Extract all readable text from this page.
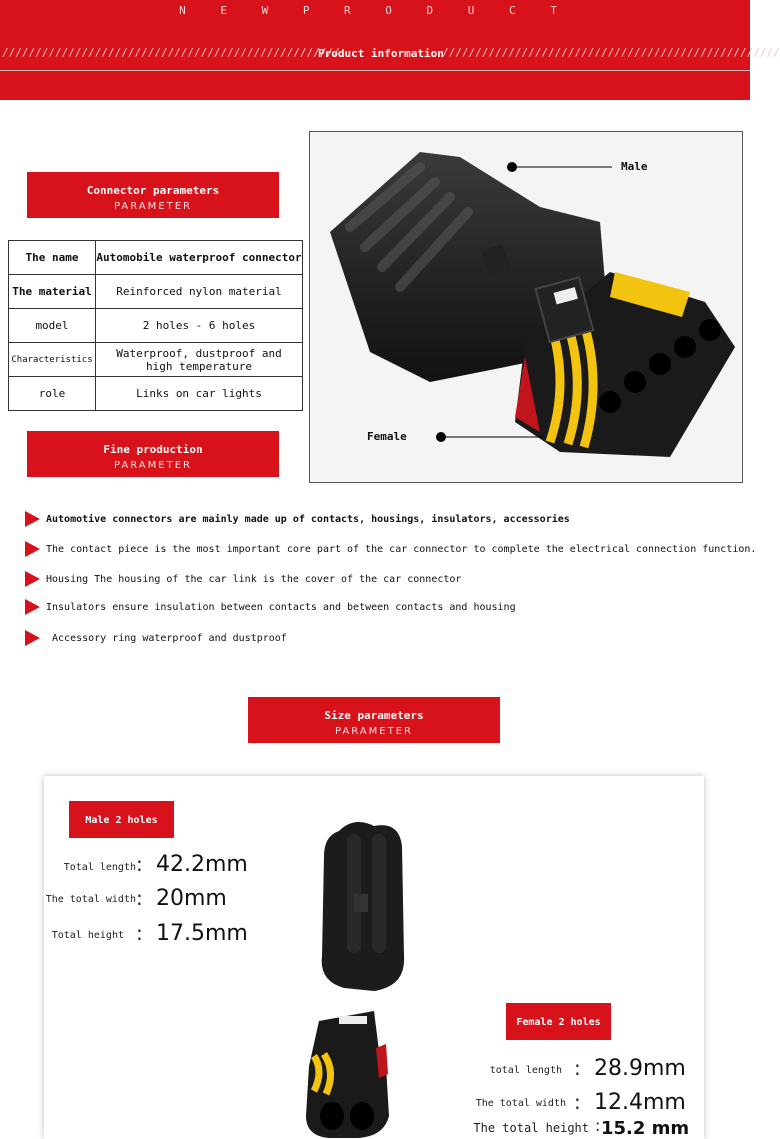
N E W P R O D U C T
///////////////////////////////////////////////////
Product information
///////////////////////////////////////////////////
Connector parameters
PARAMETER
The name	Automobile waterproof connector
The material	Reinforced nylon material
model	2 holes - 6 holes
Characteristics	Waterproof, dustproof and high temperature
role	Links on car lights
Male
Female
Fine production
PARAMETER
Automotive connectors are mainly made up of contacts, housings, insulators, accessories
The contact piece is the most important core part of the car connector to complete the electrical connection function.
Housing The housing of the car link is the cover of the car connector
Insulators ensure insulation between contacts and between contacts and housing
Accessory ring waterproof and dustproof
Size parameters
PARAMETER
Male 2 holes
Total length : 42.2mm
The total width : 20mm
Total height : 17.5mm
Female 2 holes
total length : 28.9mm
The total width : 12.4mm
The total height : 15.2 mm
